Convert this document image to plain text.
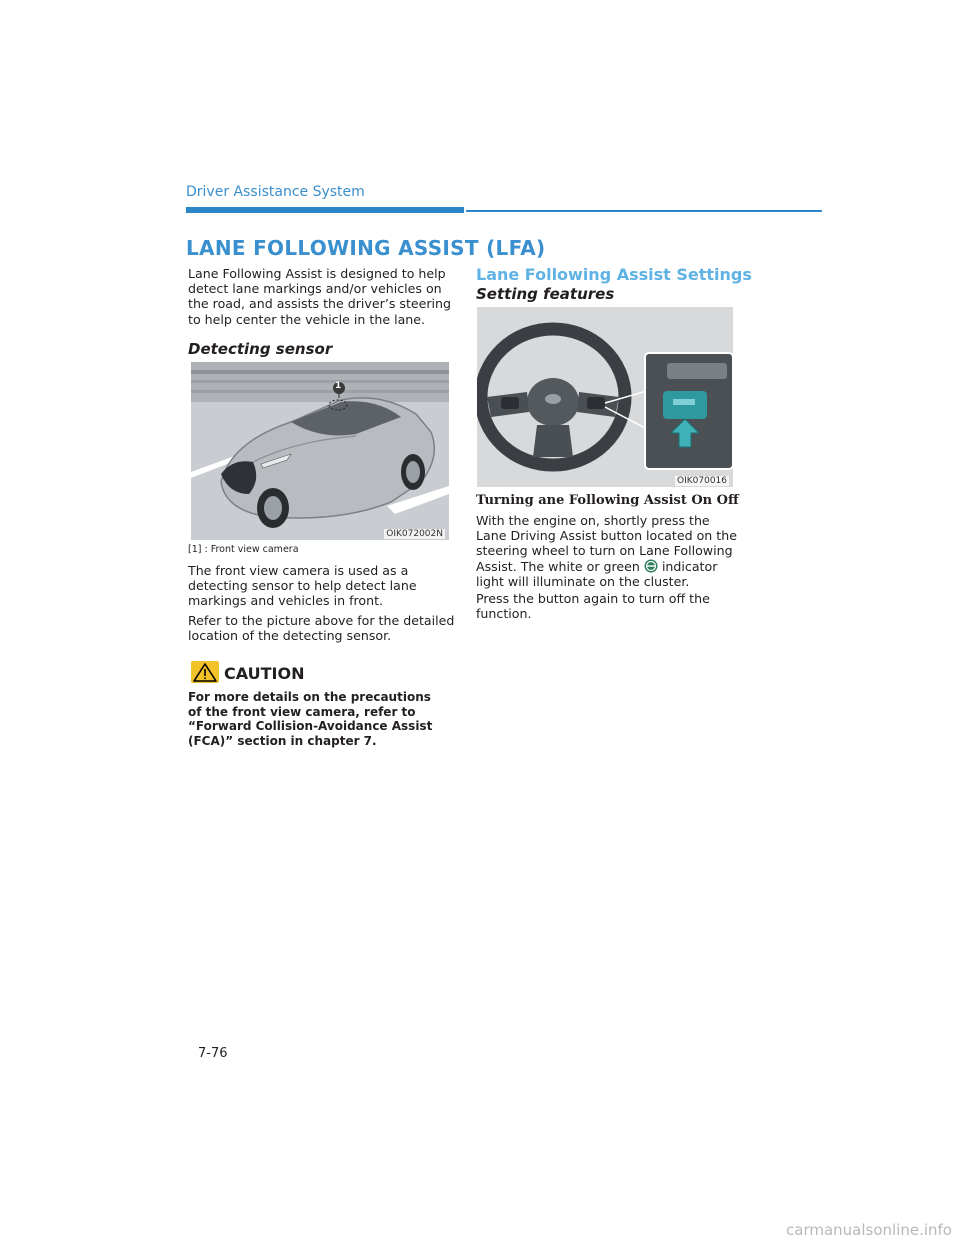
Driver Assistance System
LANE FOLLOWING ASSIST (LFA)

Lane Following Assist is designed to help detect lane markings and/or vehicles on the road, and assists the driver’s steering to help center the vehicle in the lane.

Detecting sensor
1
OIK072002N
[1] : Front view camera

The front view camera is used as a detecting sensor to help detect lane markings and vehicles in front.

Refer to the picture above for the detailed location of the detecting sensor.

CAUTION

For more details on the precautions of the front view camera, refer to “Forward Collision-Avoidance Assist (FCA)” section in chapter 7.

Lane Following Assist Settings
Setting features
OIK070016
Turning ane Following Assist On Off

With the engine on, shortly press the Lane Driving Assist button located on the steering wheel to turn on Lane Following Assist. The white or green indicator light will illuminate on the cluster.

Press the button again to turn off the function.

7-76
carmanualsonline.info
